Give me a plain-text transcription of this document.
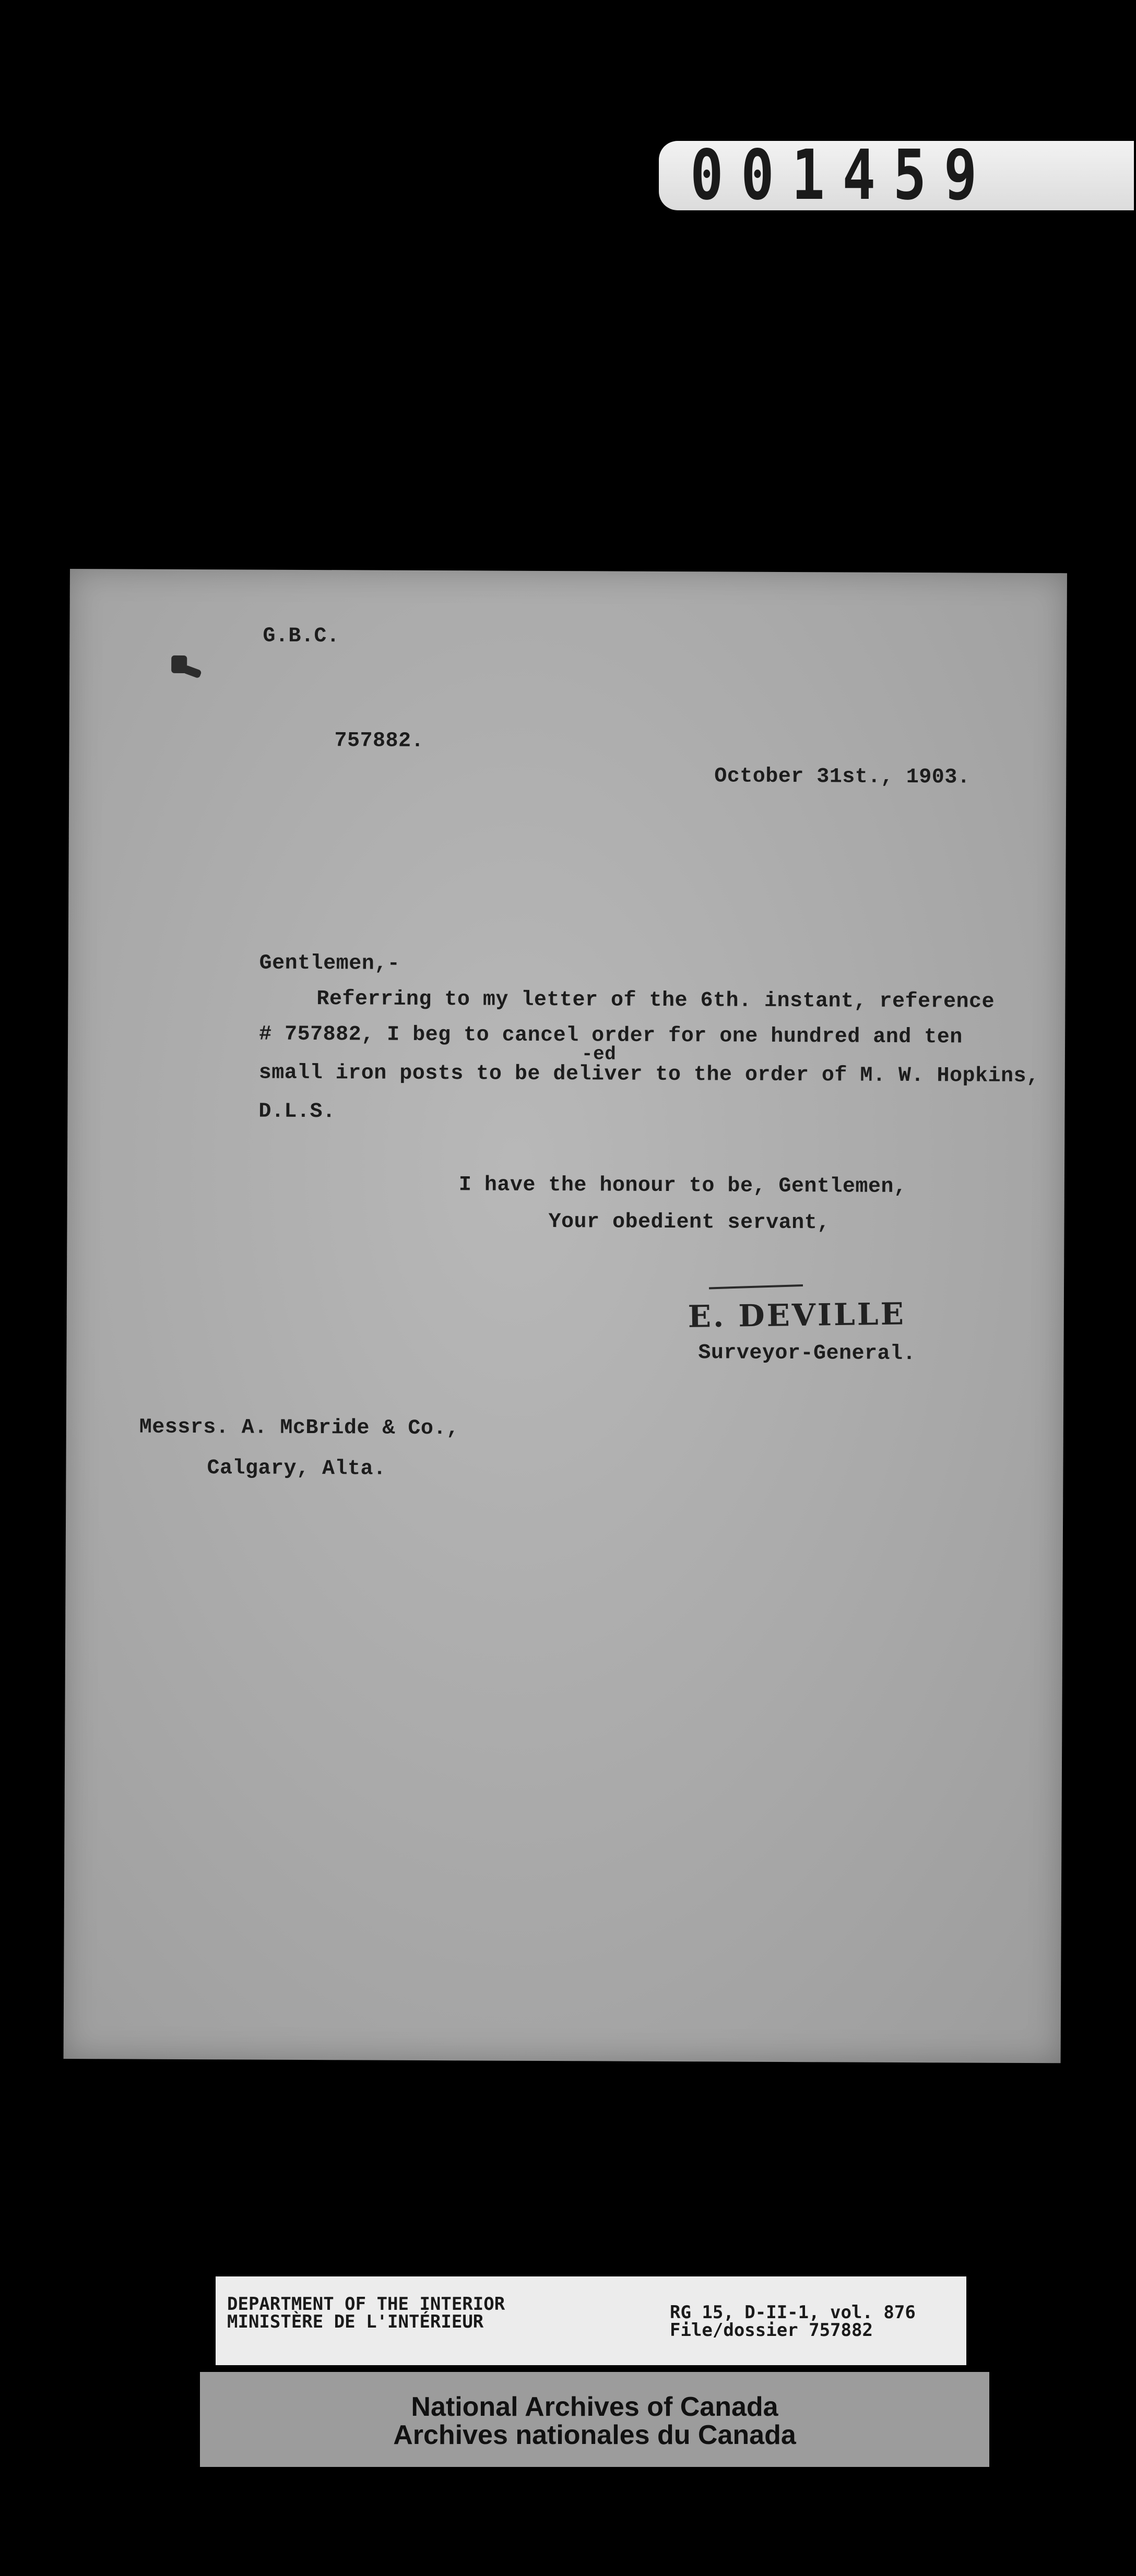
001459
G.B.C.
757882.
October 31st., 1903.
Gentlemen,-
Referring to my letter of the 6th. instant, reference
# 757882, I beg to cancel order for one hundred and ten
-ed
small iron posts to be deliver to the order of M. W. Hopkins,
D.L.S.
I have the honour to be, Gentlemen,
Your obedient servant,
E. DEVILLE
Surveyor-General.
Messrs. A. McBride & Co.,
Calgary, Alta.
DEPARTMENT OF THE INTERIOR
MINISTÈRE DE L'INTÉRIEUR	RG 15, D-II-1, vol. 876
File/dossier 757882
National Archives of Canada
Archives nationales du Canada
